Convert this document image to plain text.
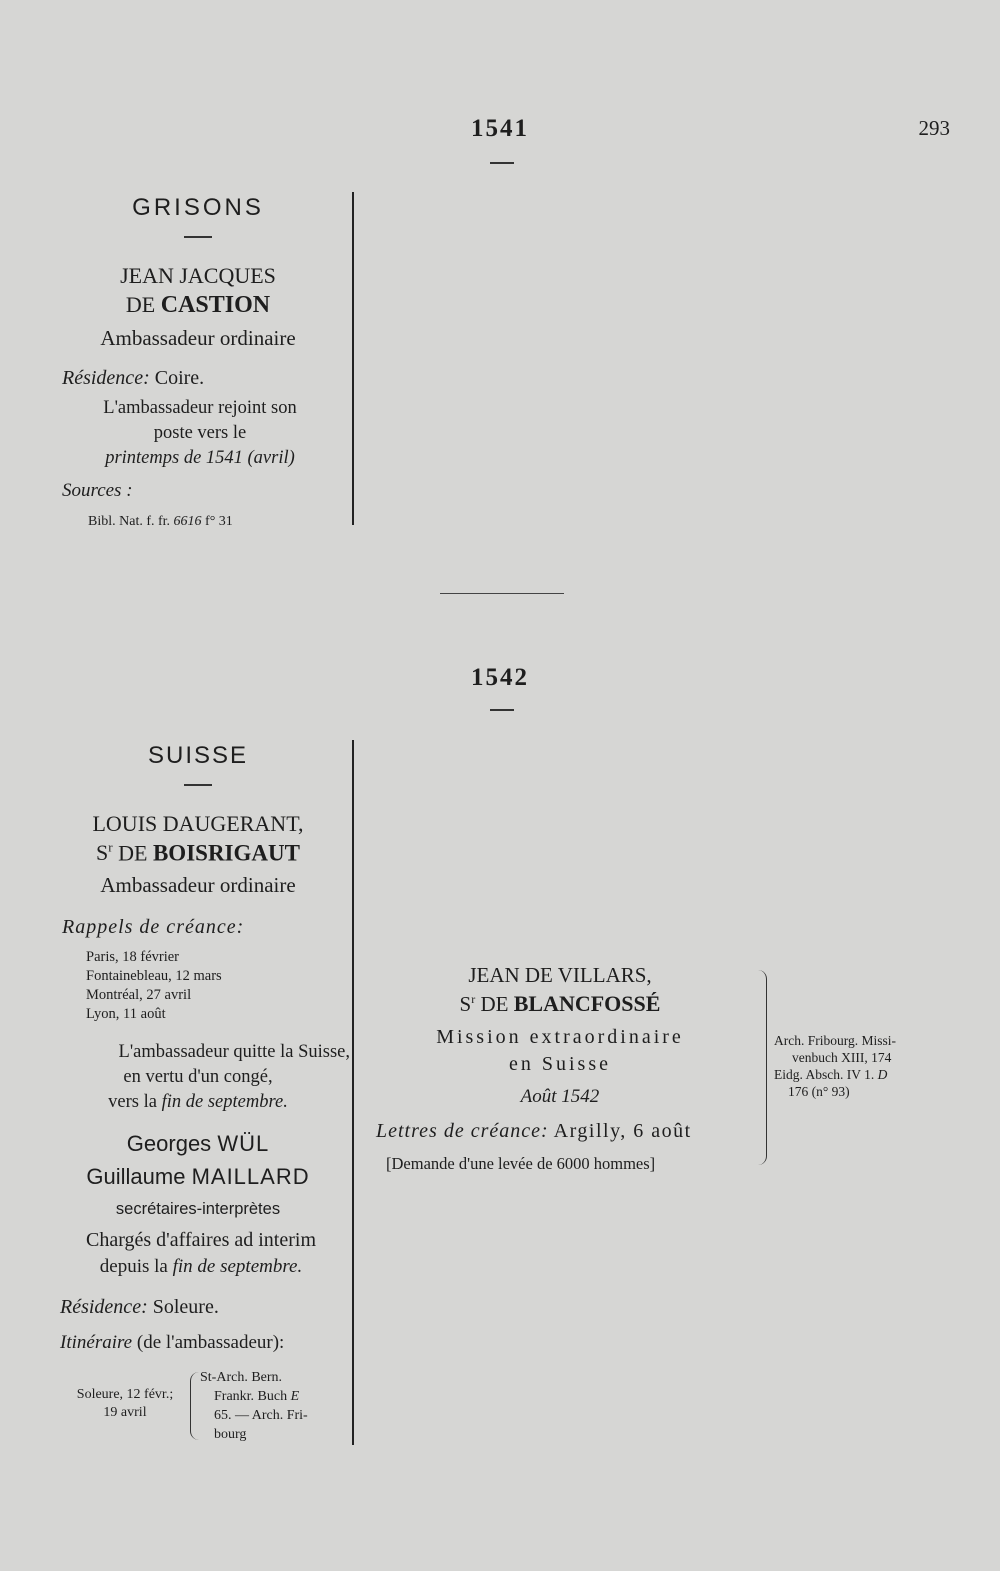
1541	293
GRISONS
JEAN JACQUES
DE CASTION
Ambassadeur ordinaire
Résidence: Coire.
L'ambassadeur rejoint son
poste vers le
printemps de 1541 (avril)
Sources :
Bibl. Nat. f. fr. 6616 f° 31
1542
SUISSE
LOUIS DAUGERANT,
$S^r$ DE BOISRIGAUT
Ambassadeur ordinaire
Rappels de créance:
Paris, 18 février
Fontainebleau, 12 mars
Montréal, 27 avril
Lyon, 11 août
L'ambassadeur quitte la Suisse,
en vertu d'un congé,
vers la fin de septembre.
Georges WÜL
Guillaume MAILLARD
secrétaires-interprètes
Chargés d'affaires ad interim
depuis la fin de septembre.
Résidence: Soleure.
Itinéraire (de l'ambassadeur):
Soleure, 12 févr.;
19 avril
St-Arch. Bern.
Frankr. Buch E
65. — Arch. Fri-
bourg
JEAN DE VILLARS,
$S^r$ DE BLANCFOSSÉ
Mission extraordinaire
en Suisse
Août 1542
Lettres de créance: Argilly, 6 août
[Demande d'une levée de 6000 hommes]
Arch. Fribourg. Missi-
venbuch XIII, 174
Eidg. Absch. IV 1. D
176 (n° 93)
